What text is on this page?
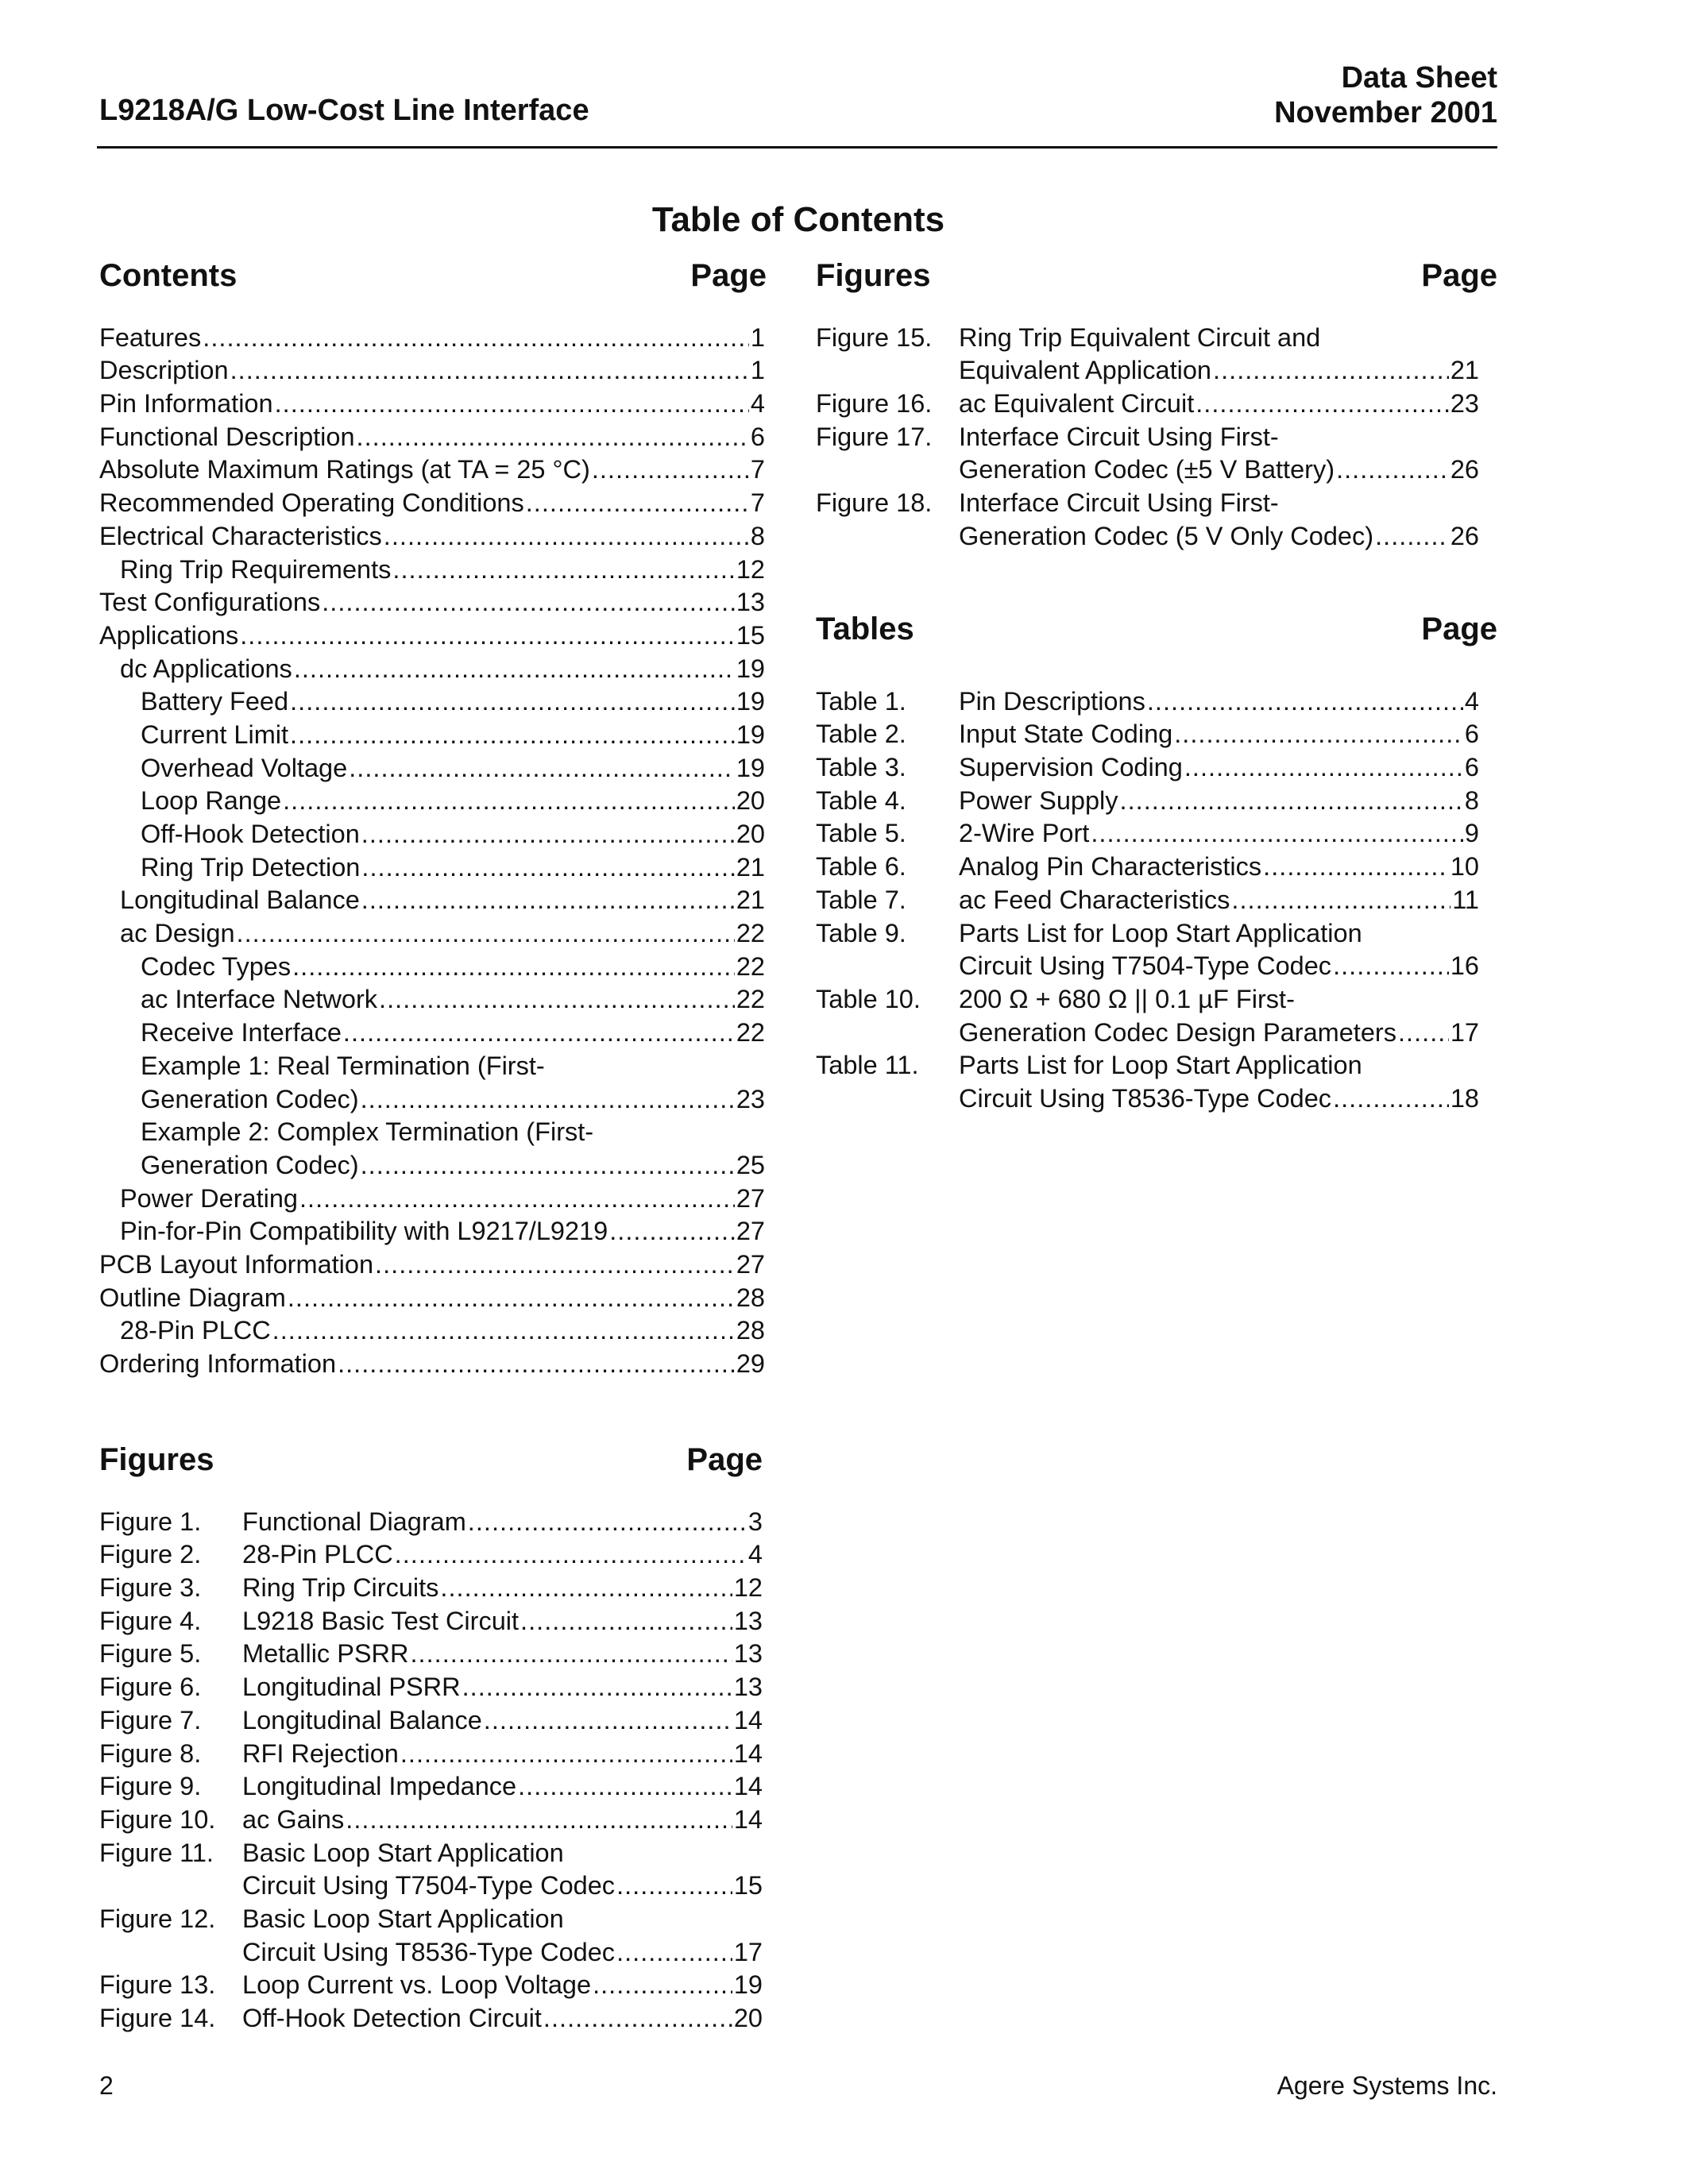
L9218A/G Low-Cost Line Interface
Data Sheet
November 2001
Table of Contents
Contents	Page
Features . . .	1
Description . . .	1
Pin Information . . .	4
Functional Description . . .	6
Absolute Maximum Ratings (at TA = 25 °C) . . .	7
Recommended Operating Conditions . . .	7
Electrical Characteristics . . .	8
Ring Trip Requirements . . .	12
Test Configurations . . .	13
Applications . . .	15
dc Applications . . .	19
Battery Feed . . .	19
Current Limit . . .	19
Overhead Voltage . . .	19
Loop Range . . .	20
Off-Hook Detection . . .	20
Ring Trip Detection . . .	21
Longitudinal Balance . . .	21
ac Design . . .	22
Codec Types . . .	22
ac Interface Network . . .	22
Receive Interface . . .	22
Example 1: Real Termination (First-
Generation Codec) . . .	23
Example 2: Complex Termination (First-
Generation Codec) . . .	25
Power Derating . . .	27
Pin-for-Pin Compatibility with L9217/L9219 . . .	27
PCB Layout Information . . .	27
Outline Diagram . . .	28
28-Pin PLCC . . .	28
Ordering Information . . .	29
Figures	Page
Figure 1.	Functional Diagram . . .	3
Figure 2.	28-Pin PLCC . . .	4
Figure 3.	Ring Trip Circuits . . .	12
Figure 4.	L9218 Basic Test Circuit . . .	13
Figure 5.	Metallic PSRR . . .	13
Figure 6.	Longitudinal PSRR . . .	13
Figure 7.	Longitudinal Balance . . .	14
Figure 8.	RFI Rejection . . .	14
Figure 9.	Longitudinal Impedance . . .	14
Figure 10.	ac Gains . . .	14
Figure 11.	Basic Loop Start Application
Circuit Using T7504-Type Codec . . .	15
Figure 12.	Basic Loop Start Application
Circuit Using T8536-Type Codec . . .	17
Figure 13.	Loop Current vs. Loop Voltage . . .	19
Figure 14.	Off-Hook Detection Circuit . . .	20
Figures	Page
Figure 15.	Ring Trip Equivalent Circuit and
Equivalent Application . . .	21
Figure 16.	ac Equivalent Circuit . . .	23
Figure 17.	Interface Circuit Using First-
Generation Codec (±5 V Battery) . . .	26
Figure 18.	Interface Circuit Using First-
Generation Codec (5 V Only Codec) . . .	26
Tables	Page
Table 1.	Pin Descriptions . . .	4
Table 2.	Input State Coding . . .	6
Table 3.	Supervision Coding . . .	6
Table 4.	Power Supply . . .	8
Table 5.	2-Wire Port . . .	9
Table 6.	Analog Pin Characteristics . . .	10
Table 7.	ac Feed Characteristics . . .	11
Table 9.	Parts List for Loop Start Application
Circuit Using T7504-Type Codec . . .	16
Table 10.	200 Ω + 680 Ω || 0.1 µF First-
Generation Codec Design Parameters . . . 17
Table 11.	Parts List for Loop Start Application
Circuit Using T8536-Type Codec . . .	18
2	Agere Systems Inc.
